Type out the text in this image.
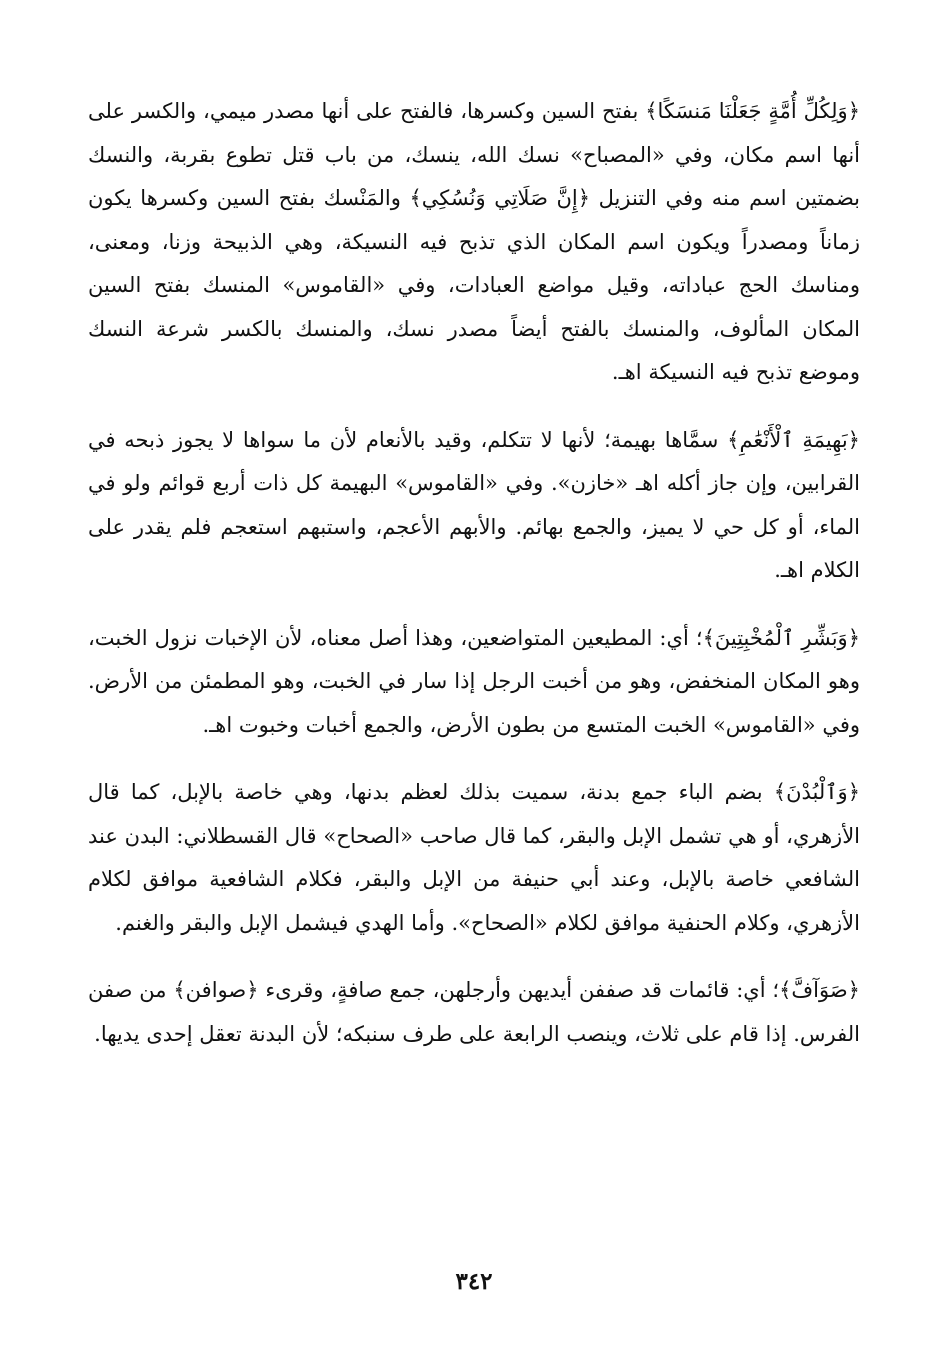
﴿وَلِكُلِّ أُمَّةٍ جَعَلْنَا مَنسَكًا﴾ بفتح السين وكسرها، فالفتح على أنها مصدر ميمي، والكسر على أنها اسم مكان، وفي «المصباح» نسك الله، ينسك، من باب قتل تطوع بقربة، والنسك بضمتين اسم منه وفي التنزيل ﴿إِنَّ صَلَاتِي وَنُسُكِي﴾ والمَنْسك بفتح السين وكسرها يكون زماناً ومصدراً ويكون اسم المكان الذي تذبح فيه النسيكة، وهي الذبيحة وزنا، ومعنى، ومناسك الحج عباداته، وقيل مواضع العبادات، وفي «القاموس» المنسك بفتح السين المكان المألوف، والمنسك بالفتح أيضاً مصدر نسك، والمنسك بالكسر شرعة النسك وموضع تذبح فيه النسيكة اهـ.

﴿بَهِيمَةِ ٱلْأَنْعَٰمِ﴾ سمَّاها بهيمة؛ لأنها لا تتكلم، وقيد بالأنعام لأن ما سواها لا يجوز ذبحه في القرابين، وإن جاز أكله اهـ «خازن». وفي «القاموس» البهيمة كل ذات أربع قوائم ولو في الماء، أو كل حي لا يميز، والجمع بهائم. والأبهم الأعجم، واستبهم استعجم فلم يقدر على الكلام اهـ.

﴿وَبَشِّرِ ٱلْمُخْبِتِينَ﴾؛ أي: المطيعين المتواضعين، وهذا أصل معناه، لأن الإخبات نزول الخبت، وهو المكان المنخفض، وهو من أخبت الرجل إذا سار في الخبت، وهو المطمئن من الأرض. وفي «القاموس» الخبت المتسع من بطون الأرض، والجمع أخبات وخبوت اهـ.

﴿وَٱلْبُدْنَ﴾ بضم الباء جمع بدنة، سميت بذلك لعظم بدنها، وهي خاصة بالإبل، كما قال الأزهري، أو هي تشمل الإبل والبقر، كما قال صاحب «الصحاح» قال القسطلاني: البدن عند الشافعي خاصة بالإبل، وعند أبي حنيفة من الإبل والبقر، فكلام الشافعية موافق لكلام الأزهري، وكلام الحنفية موافق لكلام «الصحاح». وأما الهدي فيشمل الإبل والبقر والغنم.

﴿صَوَآفَّ﴾؛ أي: قائمات قد صففن أيديهن وأرجلهن، جمع صافةٍ، وقرىء ﴿صوافن﴾ من صفن الفرس. إذا قام على ثلاث، وينصب الرابعة على طرف سنبكه؛ لأن البدنة تعقل إحدى يديها.

٣٤٢
